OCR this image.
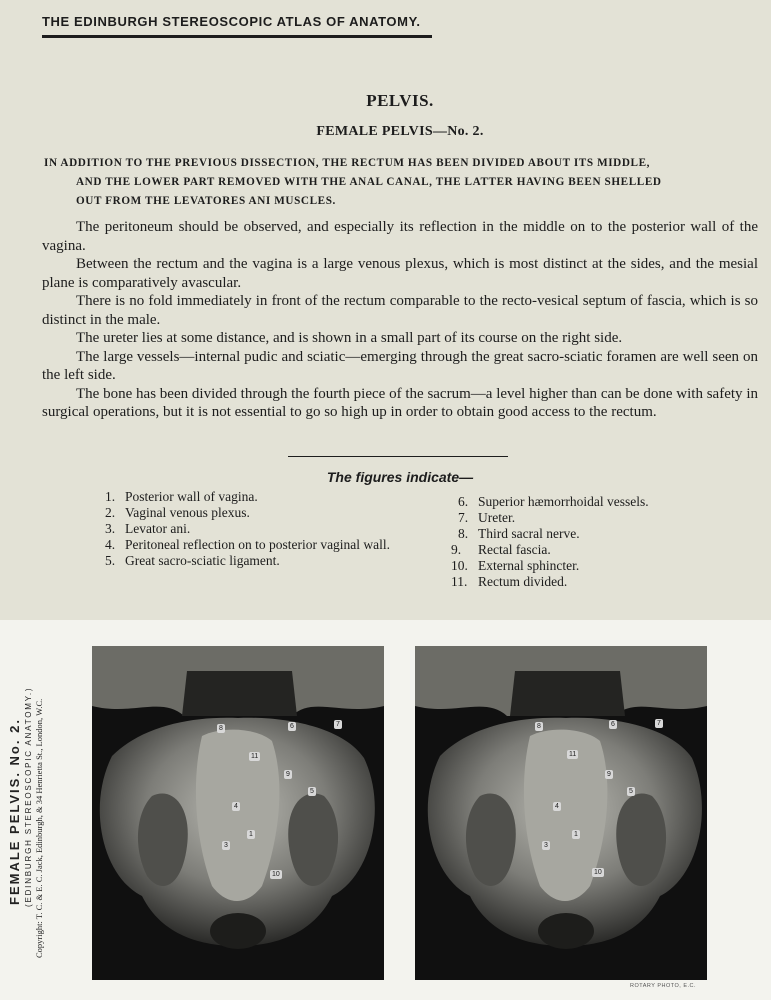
THE EDINBURGH STEREOSCOPIC ATLAS OF ANATOMY.
PELVIS.
FEMALE PELVIS—No. 2.
IN ADDITION TO THE PREVIOUS DISSECTION, THE RECTUM HAS BEEN DIVIDED ABOUT ITS MIDDLE,
AND THE LOWER PART REMOVED WITH THE ANAL CANAL, THE LATTER HAVING BEEN SHELLED
OUT FROM THE LEVATORES ANI MUSCLES.

The peritoneum should be observed, and especially its reflection in the middle on to the posterior wall of the vagina.

Between the rectum and the vagina is a large venous plexus, which is most distinct at the sides, and the mesial plane is comparatively avascular.

There is no fold immediately in front of the rectum comparable to the recto-vesical septum of fascia, which is so distinct in the male.

The ureter lies at some distance, and is shown in a small part of its course on the right side.

The large vessels—internal pudic and sciatic—emerging through the great sacro-sciatic foramen are well seen on the left side.

The bone has been divided through the fourth piece of the sacrum—a level higher than can be done with safety in surgical operations, but it is not essential to go so high up in order to obtain good access to the rectum.

The figures indicate—
1. Posterior wall of vagina.
2. Vaginal venous plexus.
3. Levator ani.
4. Peritoneal reflection on to posterior vaginal wall.
5. Great sacro-sciatic ligament.
6. Superior hæmorrhoidal vessels.
7. Ureter.
8. Third sacral nerve.
9. Rectal fascia.
10. External sphincter.
11. Rectum divided.
FEMALE PELVIS. No. 2. (EDINBURGH STEREOSCOPIC ANATOMY.) Copyright: T. C. & E. C. Jack, Edinburgh, & 34 Henrietta St., London, W.C.	8	6	7
11
9
5
4
1
3
10
8	6	7
11
9
5
4
1
3
10
ROTARY PHOTO, E.C.
